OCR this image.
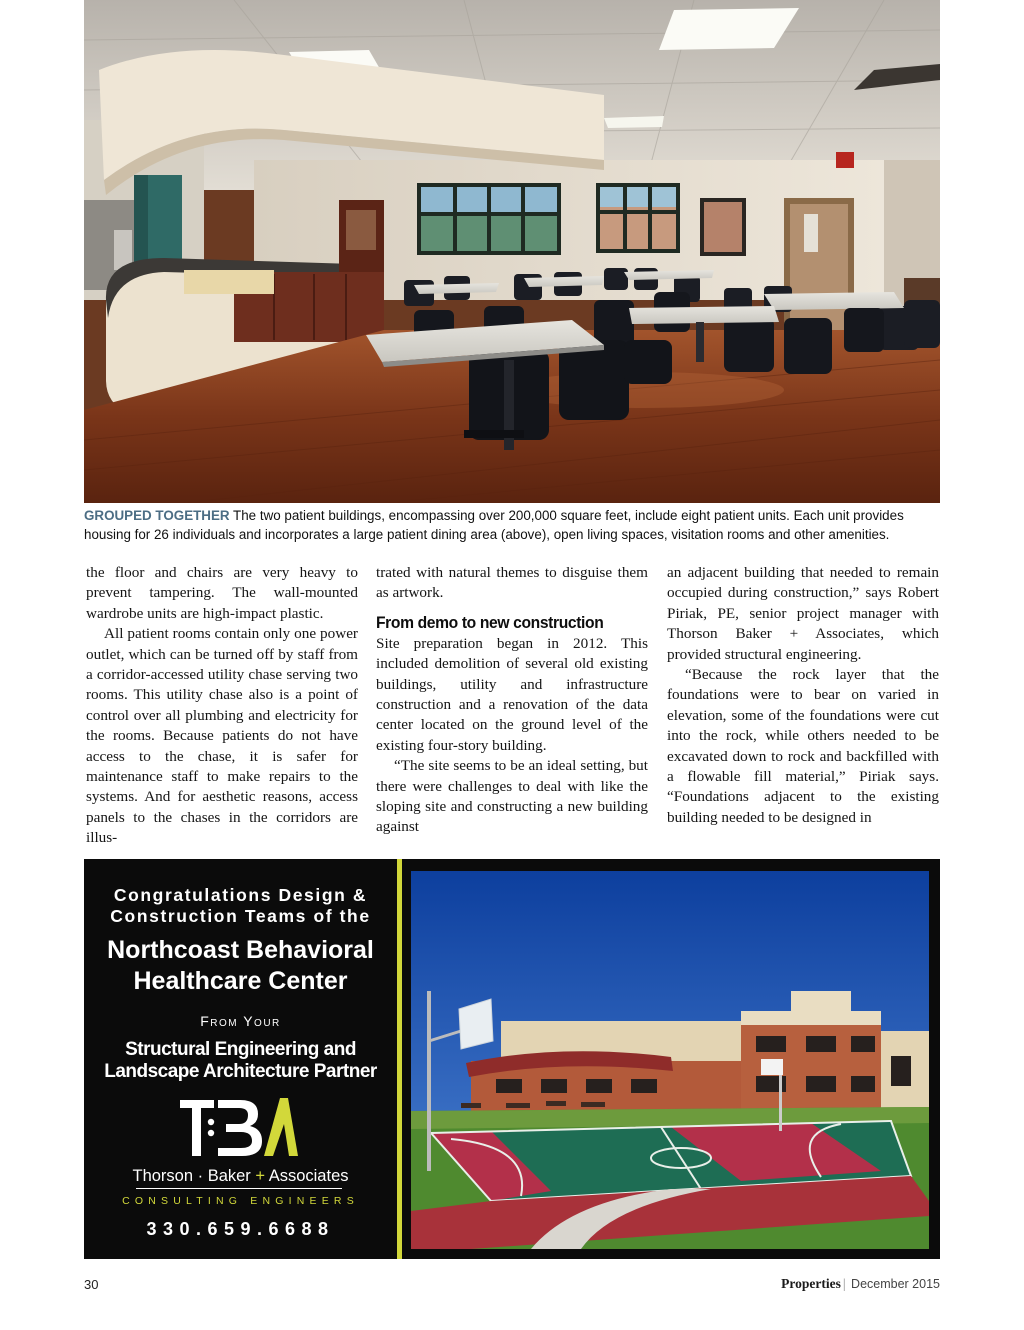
GROUPED TOGETHER The two patient buildings, encompassing over 200,000 square feet, include eight patient units. Each unit provides housing for 26 individuals and incorporates a large patient dining area (above), open living spaces, visitation rooms and other amenities.

the floor and chairs are very heavy to prevent tampering. The wall-mounted wardrobe units are high-impact plastic.

All patient rooms contain only one power outlet, which can be turned off by staff from a corridor-accessed utility chase serving two rooms. This utility chase also is a point of control over all plumbing and electricity for the rooms. Because patients do not have access to the chase, it is safer for maintenance staff to make repairs to the systems. And for aesthetic reasons, access panels to the chases in the corridors are illus-

trated with natural themes to disguise them as artwork.

From demo to new construction

Site preparation began in 2012. This included demolition of several old existing buildings, utility and infrastructure construction and a renovation of the data center located on the ground level of the existing four-story building.

“The site seems to be an ideal setting, but there were challenges to deal with like the sloping site and constructing a new building against

an adjacent building that needed to remain occupied during construction,” says Robert Piriak, PE, senior project manager with Thorson Baker + Associates, which provided structural engineering.

“Because the rock layer that the foundations were to bear on varied in elevation, some of the foundations were cut into the rock, while others needed to be excavated down to rock and backfilled with a flowable fill material,” Piriak says. “Foundations adjacent to the existing building needed to be designed in

Congratulations Design &
Construction Teams of the
Northcoast Behavioral
Healthcare Center
From Your
Structural Engineering and
Landscape Architecture Partner
Thorson · Baker + Associates
CONSULTING ENGINEERS
330.659.6688
30	Properties | December 2015
